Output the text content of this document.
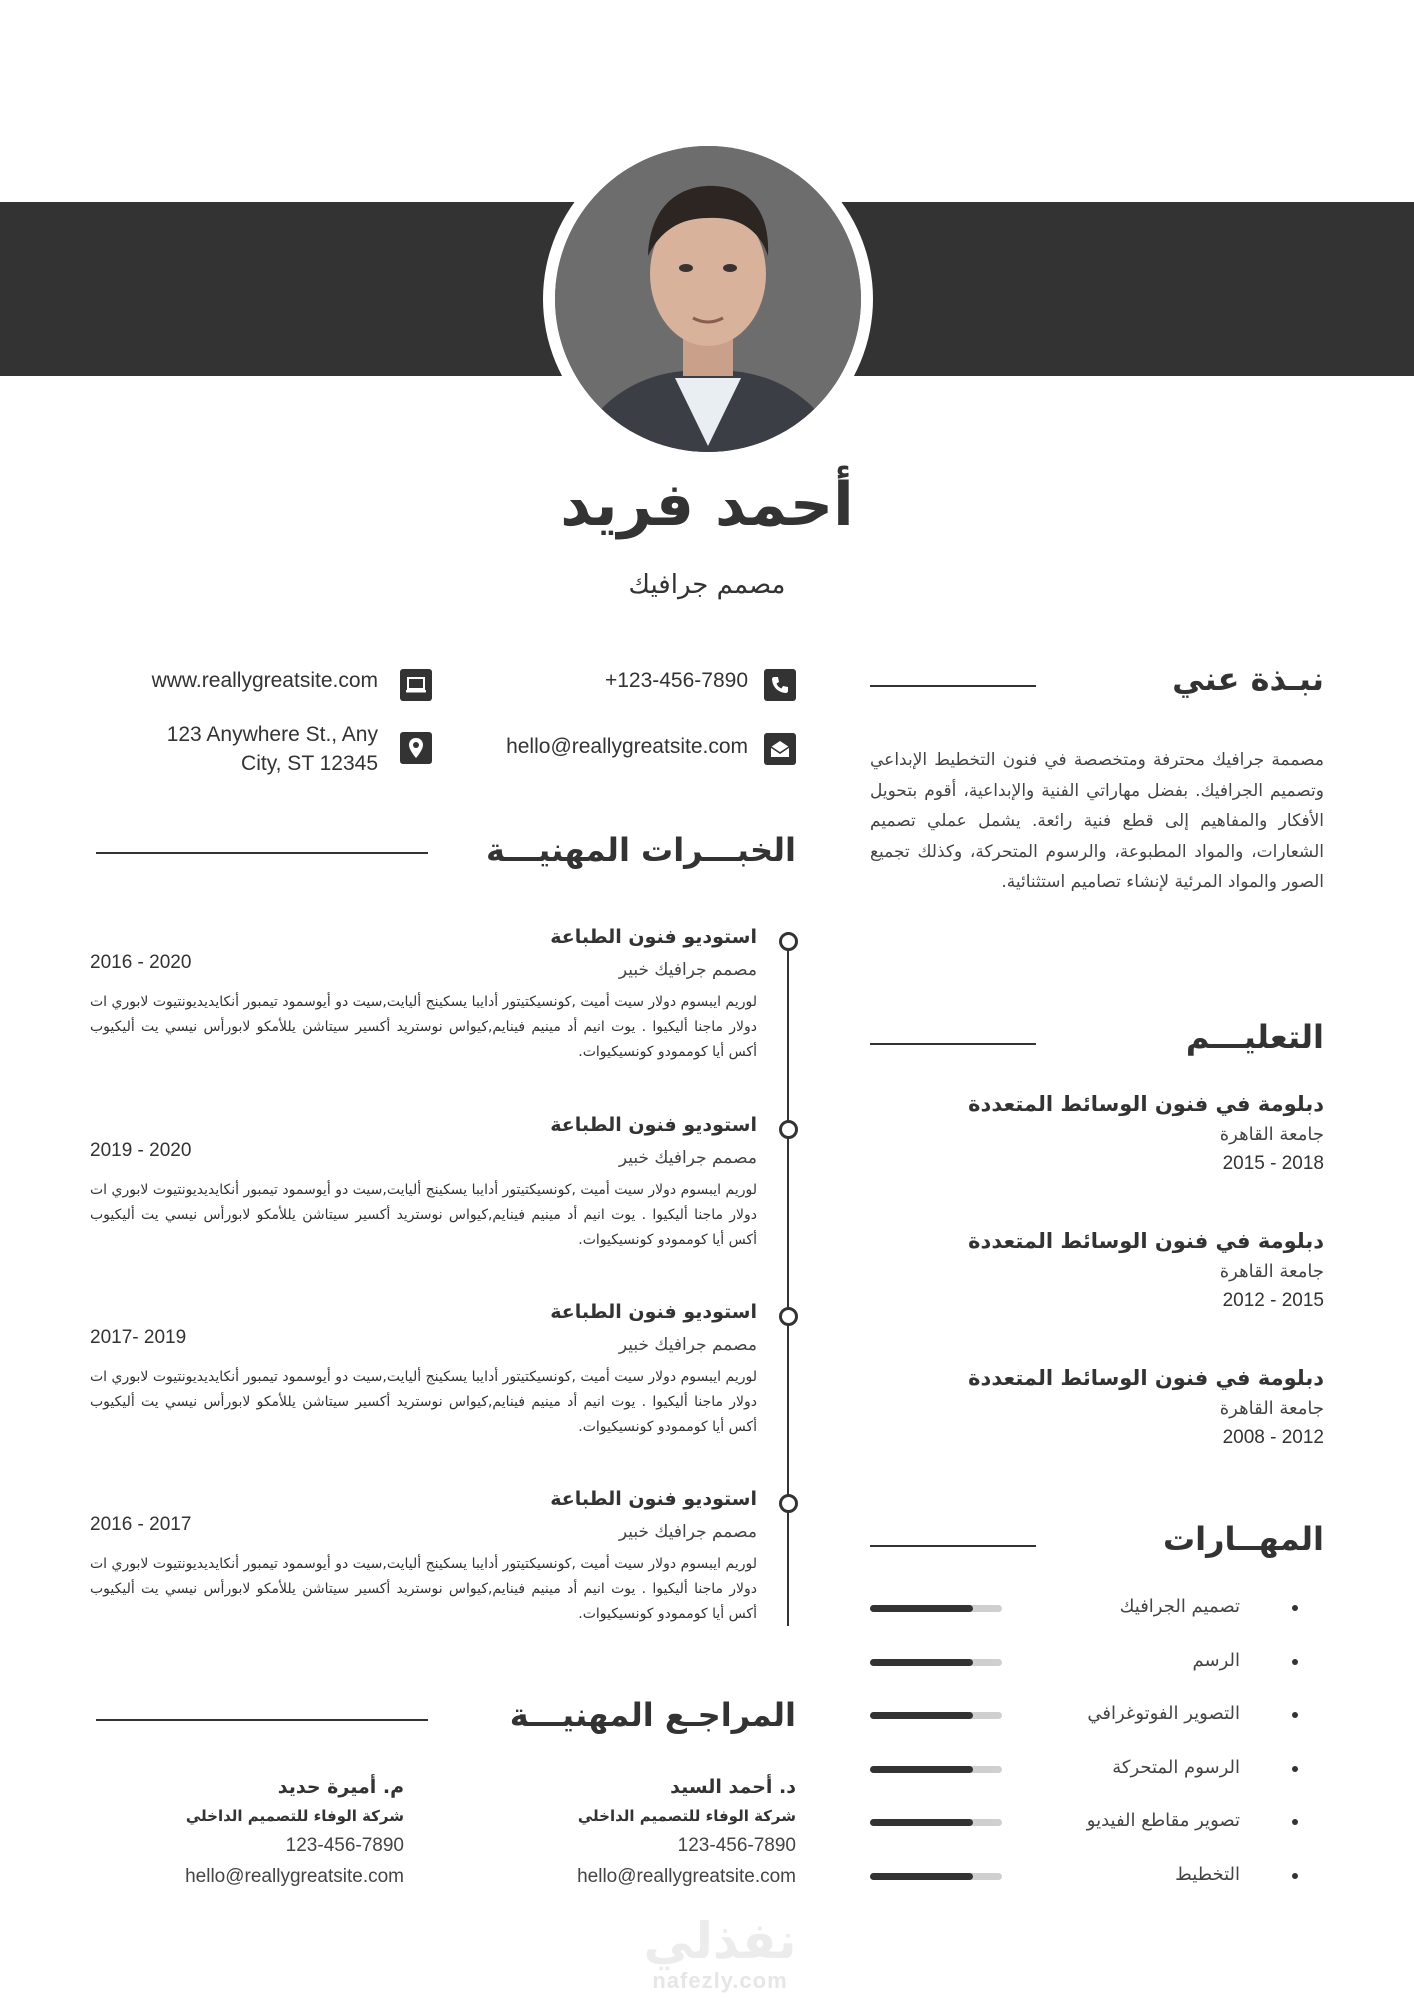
أحمد فريد
مصمم جرافيك
+123-456-7890
www.reallygreatsite.com
hello@reallygreatsite.com
123 Anywhere St., Any
City, ST 12345
نبـذة عني
مصممة جرافيك محترفة ومتخصصة في فنون التخطيط الإبداعي وتصميم الجرافيك. بفضل مهاراتي الفنية والإبداعية، أقوم بتحويل الأفكار والمفاهيم إلى قطع فنية رائعة. يشمل عملي تصميم الشعارات، والمواد المطبوعة، والرسوم المتحركة، وكذلك تجميع الصور والمواد المرئية لإنشاء تصاميم استثنائية.
التعليـــم
دبلومة في فنون الوسائط المتعددة
جامعة القاهرة
2015 - 2018
دبلومة في فنون الوسائط المتعددة
جامعة القاهرة
2012 - 2015
دبلومة في فنون الوسائط المتعددة
جامعة القاهرة
2008 - 2012
المهــارات
تصميم الجرافيك
الرسم
التصوير الفوتوغرافي
الرسوم المتحركة
تصوير مقاطع الفيديو
التخطيط
الخبـــرات المهنيـــة
استوديو فنون الطباعة
2016 - 2020	مصمم جرافيك خبير
لوريم ايبسوم دولار سيت أميت ,كونسيكتيتور أدايبا يسكينج أليايت,سيت دو أيوسمود تيمبور أنكايديديونتيوت لابوري ات دولار ماجنا أليكيوا . يوت انيم أد مينيم فينايم,كيواس نوستريد أكسير سيتاشن يللأمكو لابورأس نيسي يت أليكيوب أكس أيا كوممودو كونسيكيوات.
استوديو فنون الطباعة
2019 - 2020	مصمم جرافيك خبير
لوريم ايبسوم دولار سيت أميت ,كونسيكتيتور أدايبا يسكينج أليايت,سيت دو أيوسمود تيمبور أنكايديديونتيوت لابوري ات دولار ماجنا أليكيوا . يوت انيم أد مينيم فينايم,كيواس نوستريد أكسير سيتاشن يللأمكو لابورأس نيسي يت أليكيوب أكس أيا كوممودو كونسيكيوات.
استوديو فنون الطباعة
2017- 2019	مصمم جرافيك خبير
لوريم ايبسوم دولار سيت أميت ,كونسيكتيتور أدايبا يسكينج أليايت,سيت دو أيوسمود تيمبور أنكايديديونتيوت لابوري ات دولار ماجنا أليكيوا . يوت انيم أد مينيم فينايم,كيواس نوستريد أكسير سيتاشن يللأمكو لابورأس نيسي يت أليكيوب أكس أيا كوممودو كونسيكيوات.
استوديو فنون الطباعة
2016 - 2017	مصمم جرافيك خبير
لوريم ايبسوم دولار سيت أميت ,كونسيكتيتور أدايبا يسكينج أليايت,سيت دو أيوسمود تيمبور أنكايديديونتيوت لابوري ات دولار ماجنا أليكيوا . يوت انيم أد مينيم فينايم,كيواس نوستريد أكسير سيتاشن يللأمكو لابورأس نيسي يت أليكيوب أكس أيا كوممودو كونسيكيوات.
المراجـع المهنيـــة
د. أحمد السيد
شركة الوفاء للتصميم الداخلي
123-456-7890
hello@reallygreatsite.com
م. أميرة حديد
شركة الوفاء للتصميم الداخلي
123-456-7890
hello@reallygreatsite.com
نفذلي
nafezly.com
